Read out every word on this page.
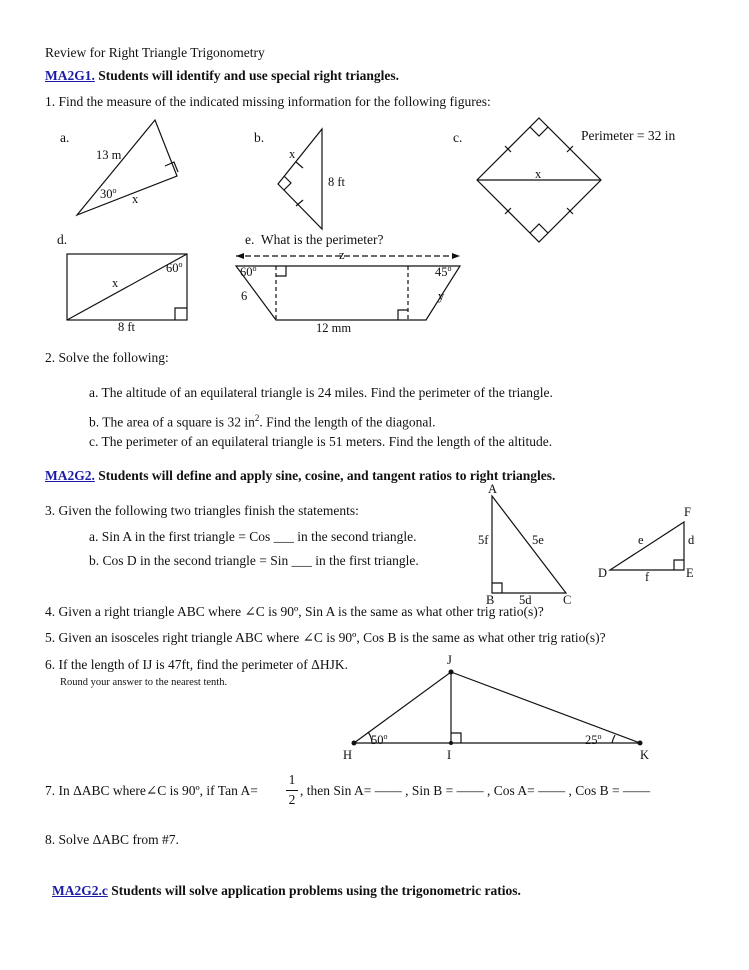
Review for Right Triangle Trigonometry
MA2G1. Students will identify and use special right triangles.
1. Find the measure of the indicated missing information for the following figures:
a.	b.	c.	Perimeter = 32 in
d.	e. What is the perimeter?
13 m
30$^o$
x
x
8 ft
x
x
60$^o$
8 ft
z
60$^o$	45$^o$
6	y
12 mm
A
B	C
5f	5e
5d
D	E
F
e	d
f
J
H	I	K
50$^o$	25$^o$
2. Solve the following:
a. The altitude of an equilateral triangle is 24 miles. Find the perimeter of the triangle.
b. The area of a square is 32 $in^2$. Find the length of the diagonal.
c. The perimeter of an equilateral triangle is 51 meters. Find the length of the altitude.
MA2G2. Students will define and apply sine, cosine, and tangent ratios to right triangles.
3. Given the following two triangles finish the statements:
a. Sin A in the first triangle = Cos ___ in the second triangle.
b. Cos D in the second triangle = Sin ___ in the first triangle.
4. Given a right triangle ABC where ∠C is 90º, Sin A is the same as what other trig ratio(s)?
5. Given an isosceles right triangle ABC where ∠C is 90º, Cos B is the same as what other trig ratio(s)?
6. If the length of IJ is 47ft, find the perimeter of ΔHJK.
Round your answer to the nearest tenth.
7. In ΔABC where∠C is 90º, if Tan A=
1
2
, then Sin A= —— , Sin B = —— , Cos A= —— , Cos B = ——
8. Solve ΔABC from #7.
MA2G2.c Students will solve application problems using the trigonometric ratios.
